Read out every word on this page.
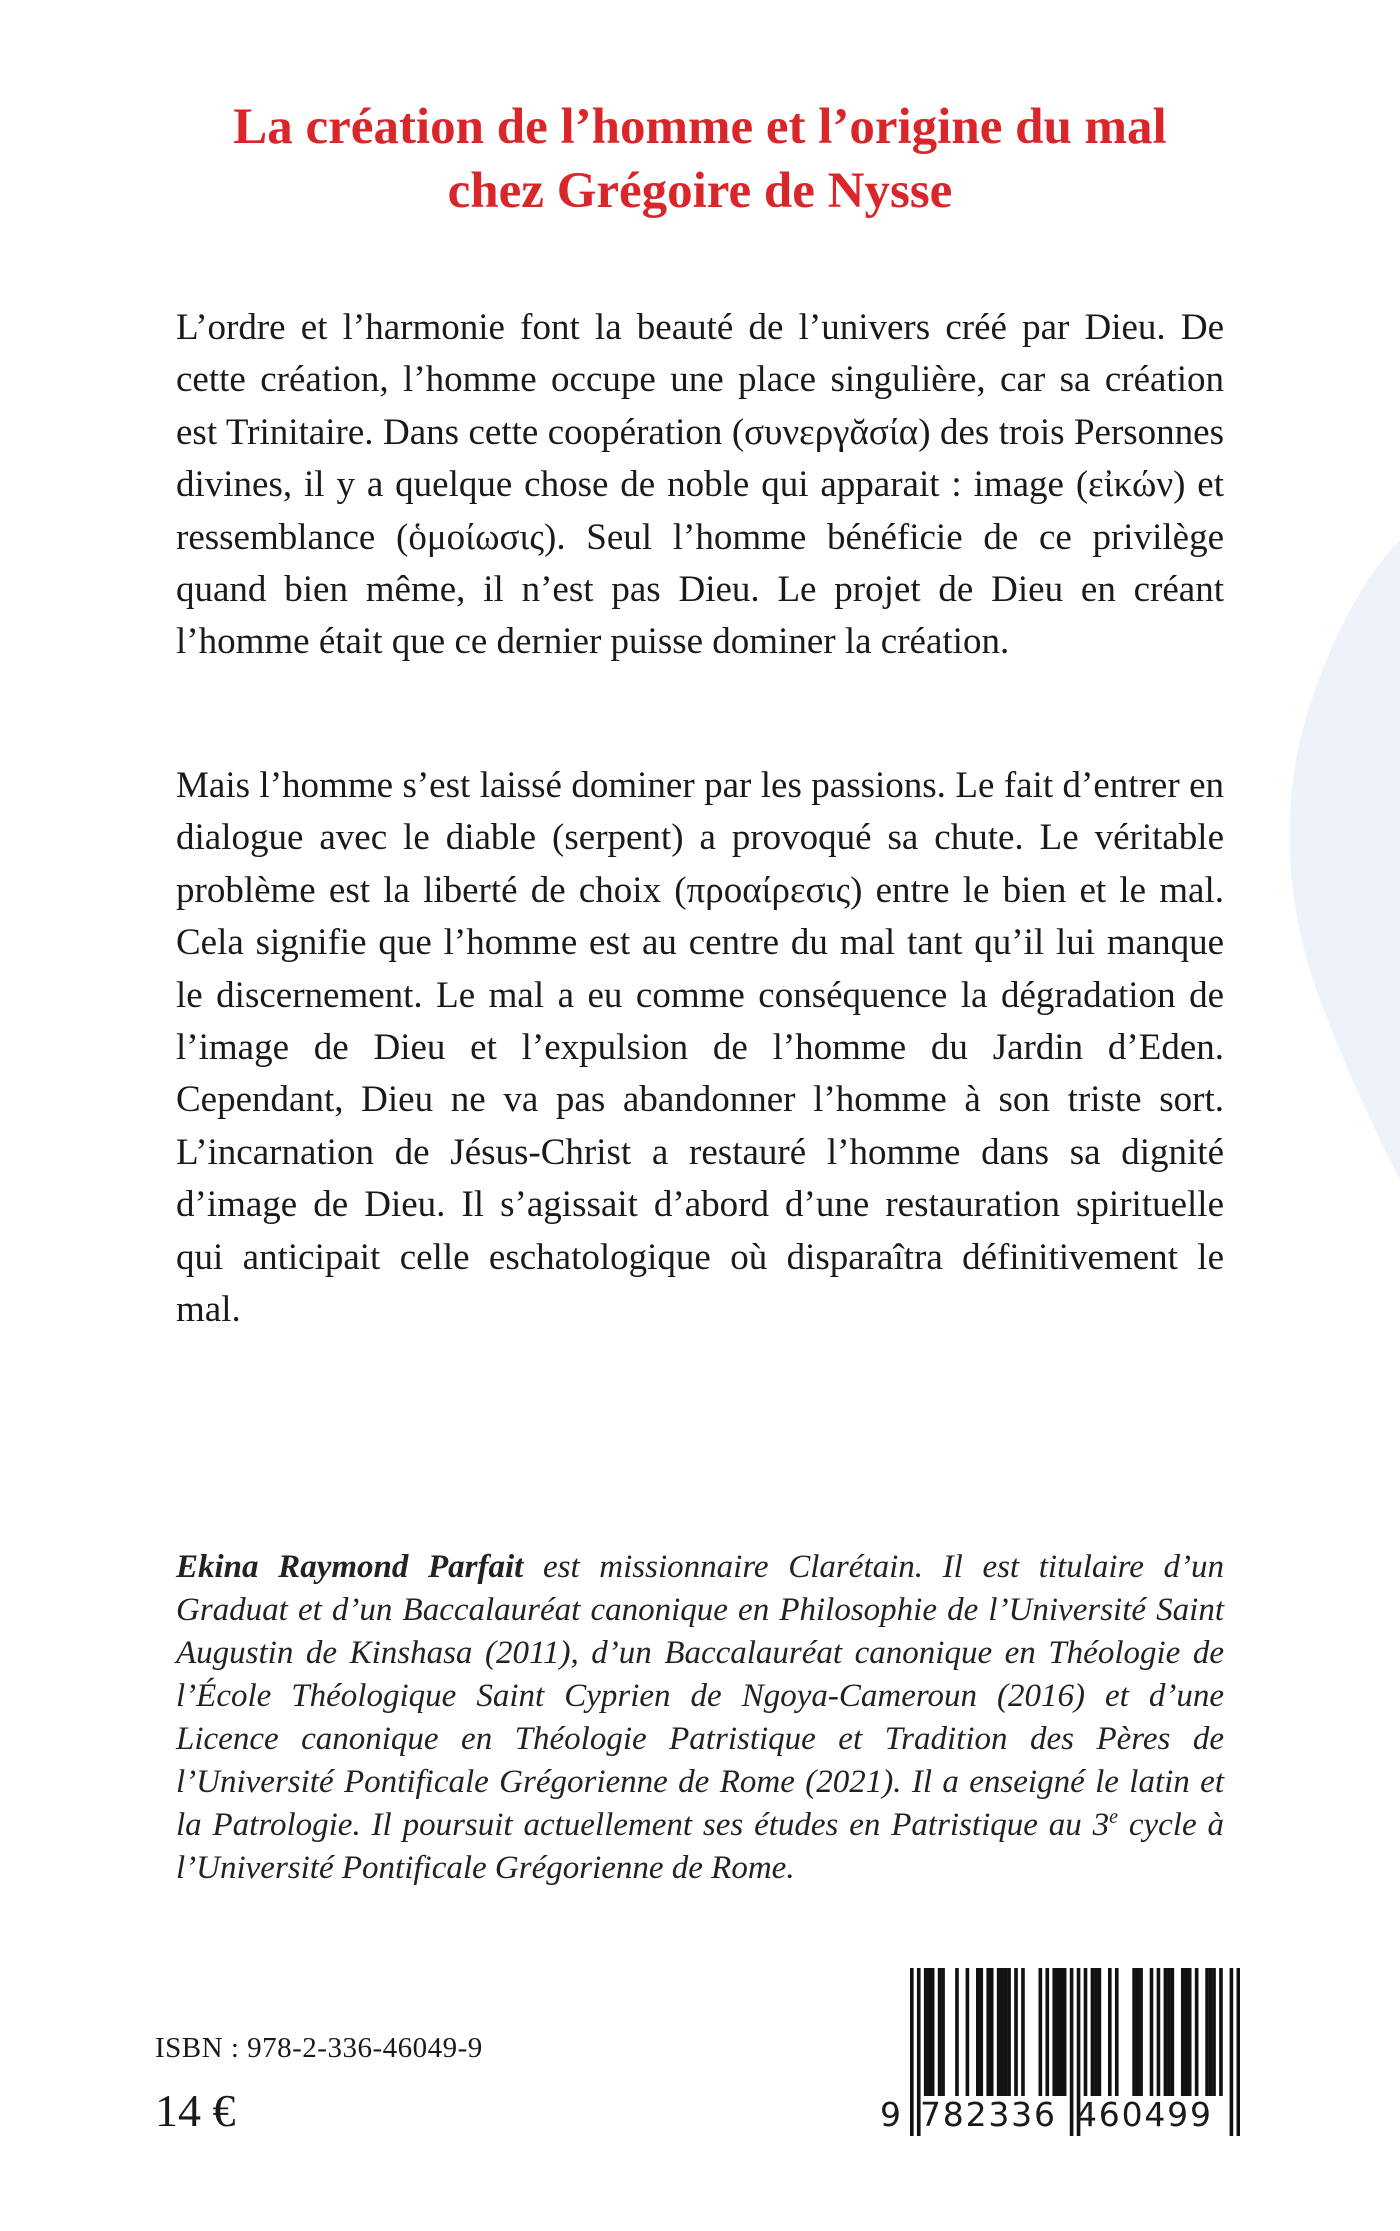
La création de l’homme et l’origine du mal
chez Grégoire de Nysse

L’ordre et l’harmonie font la beauté de l’univers créé par Dieu. De cette création, l’homme occupe une place singulière, car sa création est Trinitaire. Dans cette coopération (συνεργᾰσία) des trois Personnes divines, il y a quelque chose de noble qui apparait : image (εἰκών) et ressemblance (ὁμοίωσις). Seul l’homme bénéficie de ce privilège quand bien même, il n’est pas Dieu. Le projet de Dieu en créant l’homme était que ce dernier puisse dominer la création.

Mais l’homme s’est laissé dominer par les passions. Le fait d’entrer en dialogue avec le diable (serpent) a provoqué sa chute. Le véritable problème est la liberté de choix (προαίρεσις) entre le bien et le mal. Cela signifie que l’homme est au centre du mal tant qu’il lui manque le discernement. Le mal a eu comme conséquence la dégradation de l’image de Dieu et l’expulsion de l’homme du Jardin d’Eden. Cependant, Dieu ne va pas abandonner l’homme à son triste sort. L’incarnation de Jésus-Christ a restauré l’homme dans sa dignité d’image de Dieu. Il s’agissait d’abord d’une restauration spirituelle qui anticipait celle eschatologique où disparaîtra définitivement le mal.

Ekina Raymond Parfait est missionnaire Clarétain. Il est titulaire d’un Graduat et d’un Baccalauréat canonique en Philosophie de l’Université Saint Augustin de Kinshasa (2011), d’un Baccalauréat canonique en Théologie de l’École Théologique Saint Cyprien de Ngoya-Cameroun (2016) et d’une Licence canonique en Théologie Patristique et Tradition des Pères de l’Université Pontificale Grégorienne de Rome (2021). Il a enseigné le latin et la Patrologie. Il poursuit actuellement ses études en Patristique au 3e cycle à l’Université Pontificale Grégorienne de Rome.

ISBN : 978-2-336-46049-9
14 €	9 782336 460499
